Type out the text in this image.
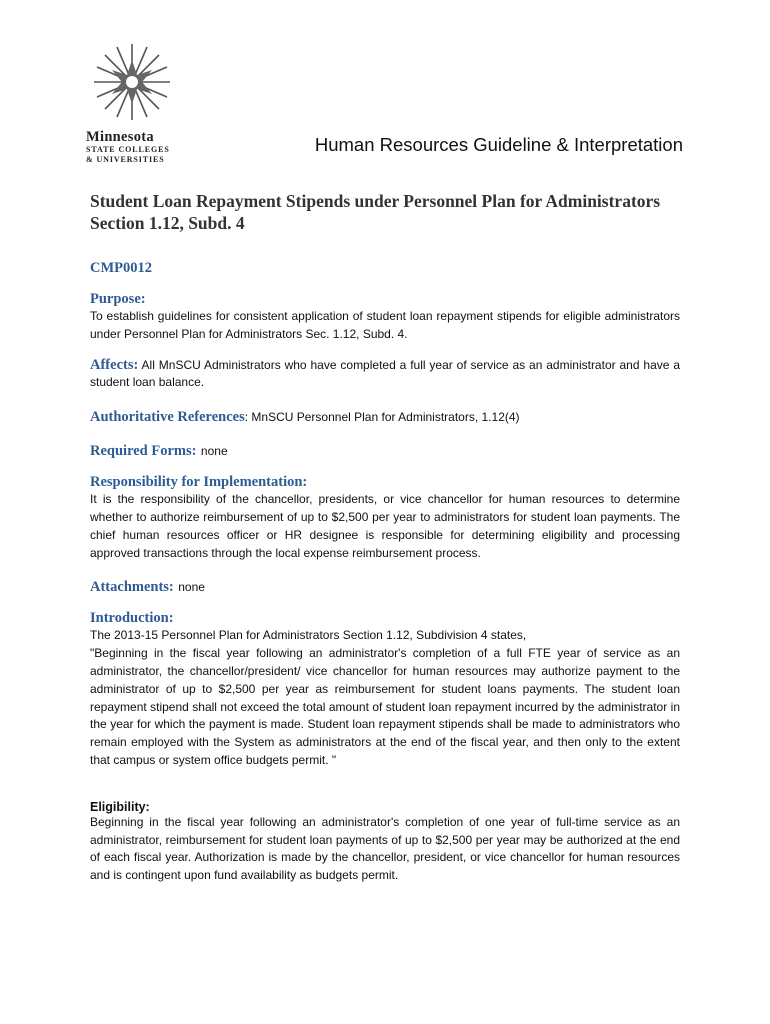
Minnesota
STATE COLLEGES
& UNIVERSITIES
Human Resources Guideline & Interpretation
Student Loan Repayment Stipends under Personnel Plan for Administrators
Section 1.12, Subd. 4
CMP0012
Purpose:

To establish guidelines for consistent application of student loan repayment stipends for eligible administrators under Personnel Plan for Administrators Sec. 1.12, Subd. 4.

Affects: All MnSCU Administrators who have completed a full year of service as an administrator and have a student loan balance.
Authoritative References: MnSCU Personnel Plan for Administrators, 1.12(4)
Required Forms: none
Responsibility for Implementation:

It is the responsibility of the chancellor, presidents, or vice chancellor for human resources to determine whether to authorize reimbursement of up to $2,500 per year to administrators for student loan payments. The chief human resources officer or HR designee is responsible for determining eligibility and processing approved transactions through the local expense reimbursement process.

Attachments: none
Introduction:

The 2013-15 Personnel Plan for Administrators Section 1.12, Subdivision 4 states,

"Beginning in the fiscal year following an administrator's completion of a full FTE year of service as an administrator, the chancellor/president/ vice chancellor for human resources may authorize payment to the administrator of up to $2,500 per year as reimbursement for student loans payments. The student loan repayment stipend shall not exceed the total amount of student loan repayment incurred by the administrator in the year for which the payment is made. Student loan repayment stipends shall be made to administrators who remain employed with the System as administrators at the end of the fiscal year, and then only to the extent that campus or system office budgets permit. "

Eligibility:

Beginning in the fiscal year following an administrator's completion of one year of full-time service as an administrator, reimbursement for student loan payments of up to $2,500 per year may be authorized at the end of each fiscal year. Authorization is made by the chancellor, president, or vice chancellor for human resources and is contingent upon fund availability as budgets permit.
